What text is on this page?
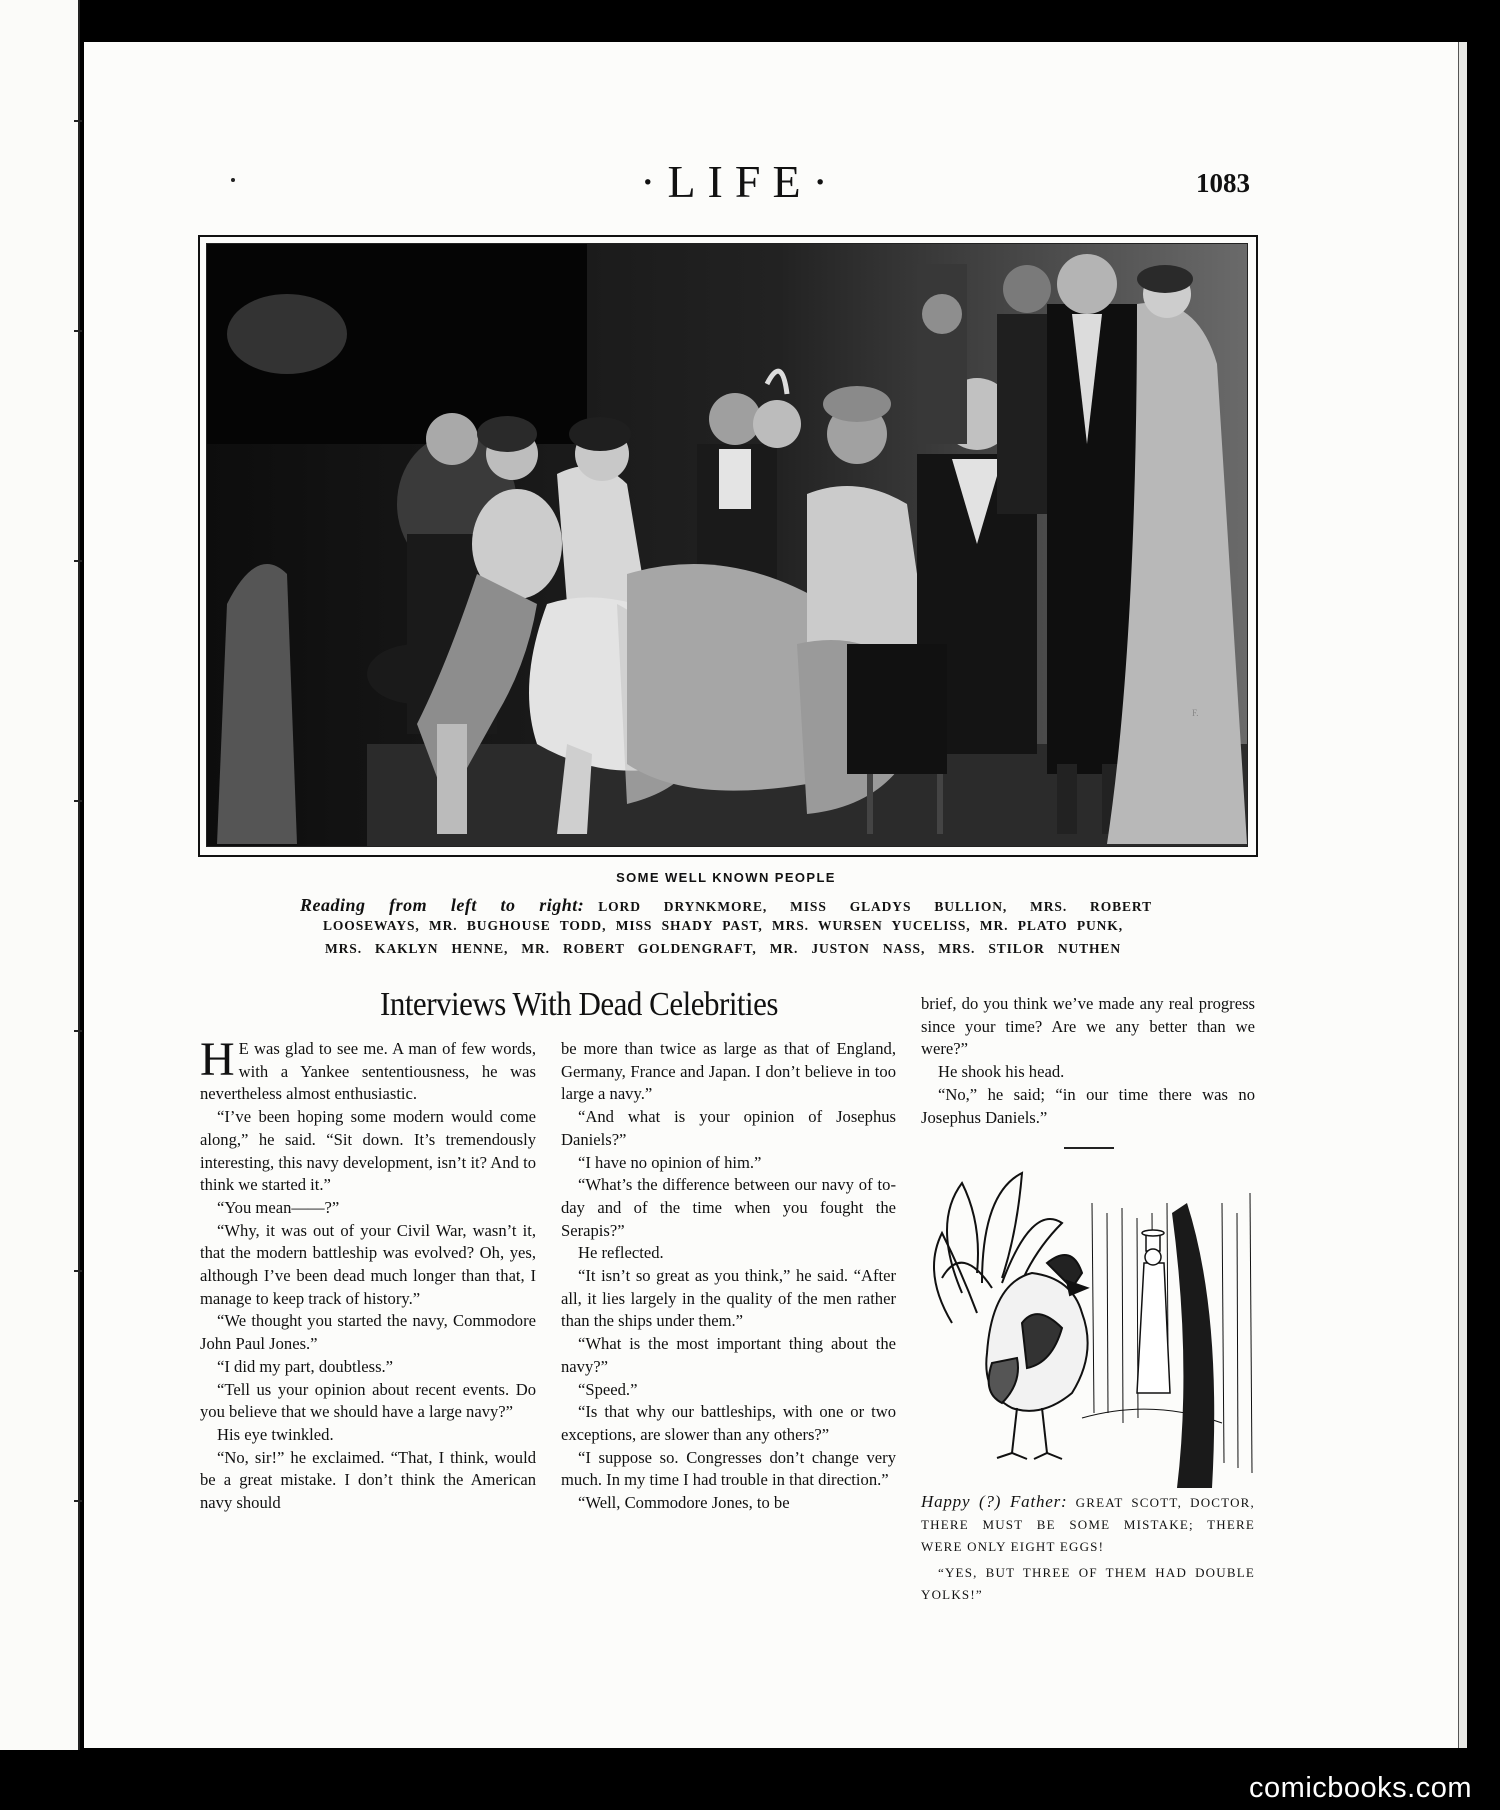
·LIFE·	1083
F.
SOME WELL KNOWN PEOPLE
Reading from left to right: LORD DRYNKMORE, MISS GLADYS BULLION, MRS. ROBERT
LOOSEWAYS, MR. BUGHOUSE TODD, MISS SHADY PAST, MRS. WURSEN YUCELISS, MR. PLATO PUNK,
MRS. KAKLYN HENNE, MR. ROBERT GOLDENGRAFT, MR. JUSTON NASS, MRS. STILOR NUTHEN
Interviews With Dead Celebrities

H E was glad to see me. A man of few words, with a Yankee sententiousness, he was nevertheless almost enthusiastic.

“I’ve been hoping some modern would come along,” he said. “Sit down. It’s tremendously interesting, this navy development, isn’t it? And to think we started it.”

“You mean——?”

“Why, it was out of your Civil War, wasn’t it, that the modern battleship was evolved? Oh, yes, although I’ve been dead much longer than that, I manage to keep track of history.”

“We thought you started the navy, Commodore John Paul Jones.”

“I did my part, doubtless.”

“Tell us your opinion about recent events. Do you believe that we should have a large navy?”

His eye twinkled.

“No, sir!” he exclaimed. “That, I think, would be a great mistake. I don’t think the American navy should

be more than twice as large as that of England, Germany, France and Japan. I don’t believe in too large a navy.”

“And what is your opinion of Josephus Daniels?”

“I have no opinion of him.”

“What’s the difference between our navy of to-day and of the time when you fought the Serapis?”

He reflected.

“It isn’t so great as you think,” he said. “After all, it lies largely in the quality of the men rather than the ships under them.”

“What is the most important thing about the navy?”

“Speed.”

“Is that why our battleships, with one or two exceptions, are slower than any others?”

“I suppose so. Congresses don’t change very much. In my time I had trouble in that direction.”

“Well, Commodore Jones, to be

brief, do you think we’ve made any real progress since your time? Are we any better than we were?”

He shook his head.

“No,” he said; “in our time there was no Josephus Daniels.”

Happy (?) Father: GREAT SCOTT, DOCTOR, THERE MUST BE SOME MISTAKE; THERE WERE ONLY EIGHT EGGS!

“YES, BUT THREE OF THEM HAD DOUBLE YOLKS!”

comicbooks.com
